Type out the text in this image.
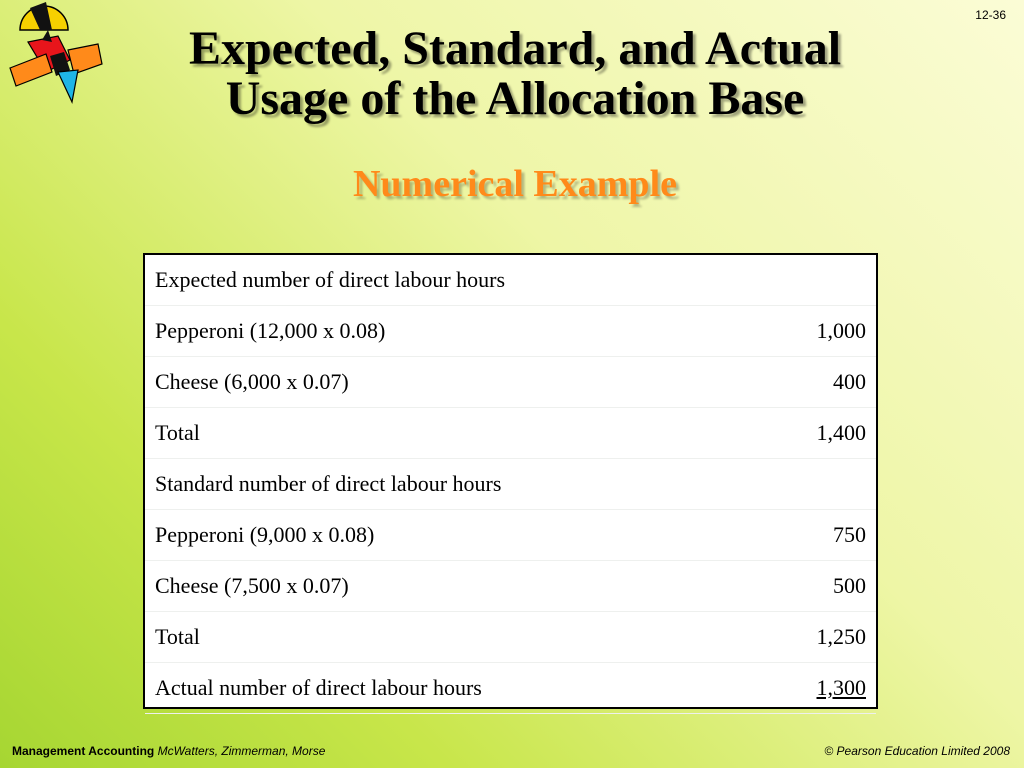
12-36
Expected, Standard, and Actual
Usage of the Allocation Base
Numerical Example
Expected number of direct labour hours	
Pepperoni (12,000 x 0.08)	1,000
Cheese (6,000 x 0.07)	400
Total	1,400
Standard number of direct labour hours	
Pepperoni (9,000 x 0.08)	750
Cheese (7,500 x 0.07)	500
Total	1,250
Actual number of direct labour hours	1,300
Management Accounting McWatters, Zimmerman, Morse	© Pearson Education Limited 2008
